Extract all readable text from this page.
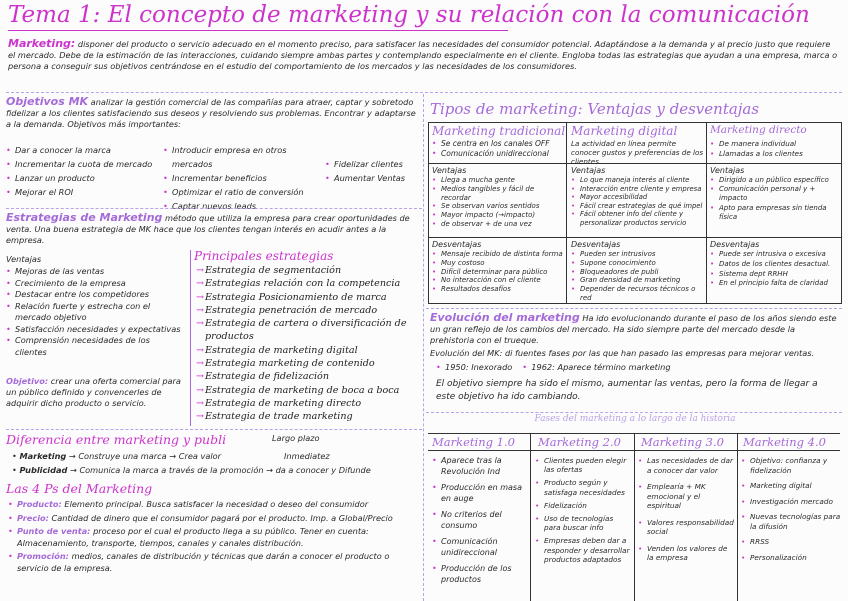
Tema 1: El concepto de marketing y su relación con la comunicación
Marketing: disponer del producto o servicio adecuado en el momento preciso, para satisfacer las necesidades del consumidor potencial. Adaptándose a la demanda y al precio justo que requiere el mercado. Debe de la estimación de las interacciones, cuidando siempre ambas partes y contemplando especialmente en el cliente. Engloba todas las estrategias que ayudan a una empresa, marca o persona a conseguir sus objetivos centrándose en el estudio del comportamiento de los mercados y las necesidades de los consumidores.
Objetivos MK analizar la gestión comercial de las compañías para atraer, captar y sobretodo fidelizar a los clientes satisfaciendo sus deseos y resolviendo sus problemas. Encontrar y adaptarse a la demanda. Objetivos más importantes:
• Dar a conocer la marca
• Incrementar la cuota de mercado
• Lanzar un producto
• Mejorar el ROI
• Introducir empresa en otros mercados
• Incrementar beneficios
• Optimizar el ratio de conversión
• Captar nuevos leads
• Fidelizar clientes
• Aumentar Ventas
Estrategias de Marketing método que utiliza la empresa para crear oportunidades de venta. Una buena estrategia de MK hace que los clientes tengan interés en acudir antes a la empresa.
Ventajas
• Mejoras de las ventas
• Crecimiento de la empresa
• Destacar entre los competidores
• Relación fuerte y estrecha con el mercado objetivo
• Satisfacción necesidades y expectativas
• Comprensión necesidades de los clientes
Objetivo: crear una oferta comercial para un público definido y convencerles de adquirir dicho producto o servicio.
Principales estrategias
→ Estrategia de segmentación
→ Estrategias relación con la competencia
→ Estrategia Posicionamiento de marca
→ Estrategia penetración de mercado
→ Estrategia de cartera o diversificación de productos
→ Estrategia de marketing digital
→ Estrategia marketing de contenido
→ Estrategia de fidelización
→ Estrategia de marketing de boca a boca
→ Estrategia de marketing directo
→ Estrategia de trade marketing
Diferencia entre marketing y publi	Largo plazo
Inmediatez
• Marketing → Construye una marca → Crea valor
• Publicidad → Comunica la marca a través de la promoción → da a conocer y Difunde
Las 4 Ps del Marketing
• Producto: Elemento principal. Busca satisfacer la necesidad o deseo del consumidor
• Precio: Cantidad de dinero que el consumidor pagará por el producto. Imp. a Global/Precio
• Punto de venta: proceso por el cual el producto llega a su público. Tener en cuenta: Almacenamiento, transporte, tiempos, canales y canales distribución.
• Promoción: medios, canales de distribución y técnicas que darán a conocer el producto o servicio de la empresa.
Tipos de marketing: Ventajas y desventajas
Marketing tradicional
• Se centra en los canales OFF
• Comunicación unidireccional
Ventajas
• Llega a mucha gente
• Medios tangibles y fácil de recordar
• Se observan varios sentidos
• Mayor impacto (→impacto)
• de observar + de una vez
Desventajas
• Mensaje recibido de distinta forma
• Muy costoso
• Difícil determinar para público
• No interacción con el cliente
• Resultados desafíos
Marketing digital
La actividad en línea permite conocer gustos y preferencias de los clientes
Ventajas
• Lo que maneja interés al cliente
• Interacción entre cliente y empresa
• Mayor accesibilidad
• Fácil crear estrategias de qué impel
• Fácil obtener info del cliente y personalizar productos servicio
Desventajas
• Pueden ser intrusivos
• Supone conocimiento
• Bloqueadores de publi
• Gran densidad de marketing
• Depender de recursos técnicos o red
Marketing directo
• De manera individual
• Llamadas a los clientes
Ventajas
• Dirigido a un público específico
• Comunicación personal y + impacto
• Apto para empresas sin tienda física
Desventajas
• Puede ser intrusiva o excesiva
• Datos de los clientes desactual.
• Sistema dept RRHH
• En el principio falta de claridad
Evolución del marketing Ha ido evolucionando durante el paso de los años siendo este un gran reflejo de los cambios del mercado. Ha sido siempre parte del mercado desde la prehistoria con el trueque.
Evolución del MK: di fuentes fases por las que han pasado las empresas para mejorar ventas.
• 1950: Inexorado
•	1962: Aparece término marketing
El objetivo siempre ha sido el mismo, aumentar las ventas, pero la forma de llegar a este objetivo ha ido cambiando.
Fases del marketing a lo largo de la historia
Marketing 1.0 Marketing 2.0 Marketing 3.0 Marketing 4.0
• Aparece tras la Revolución Ind
• Producción en masa en auge
• No criterios del consumo
• Comunicación unidireccional
• Producción de los productos
• Clientes pueden elegir las ofertas
• Producto según y satisfaga necesidades
• Fidelización
• Uso de tecnologías para buscar info
• Empresas deben dar a responder y desarrollar productos adaptados
• Las necesidades de dar a conocer dar valor
• Emplearía + MK emocional y el espiritual
• Valores responsabilidad social
• Venden los valores de la empresa
• Objetivo: confianza y fidelización
• Marketing digital
• Investigación mercado
• Nuevas tecnologías para la difusión
• RRSS
• Personalización
